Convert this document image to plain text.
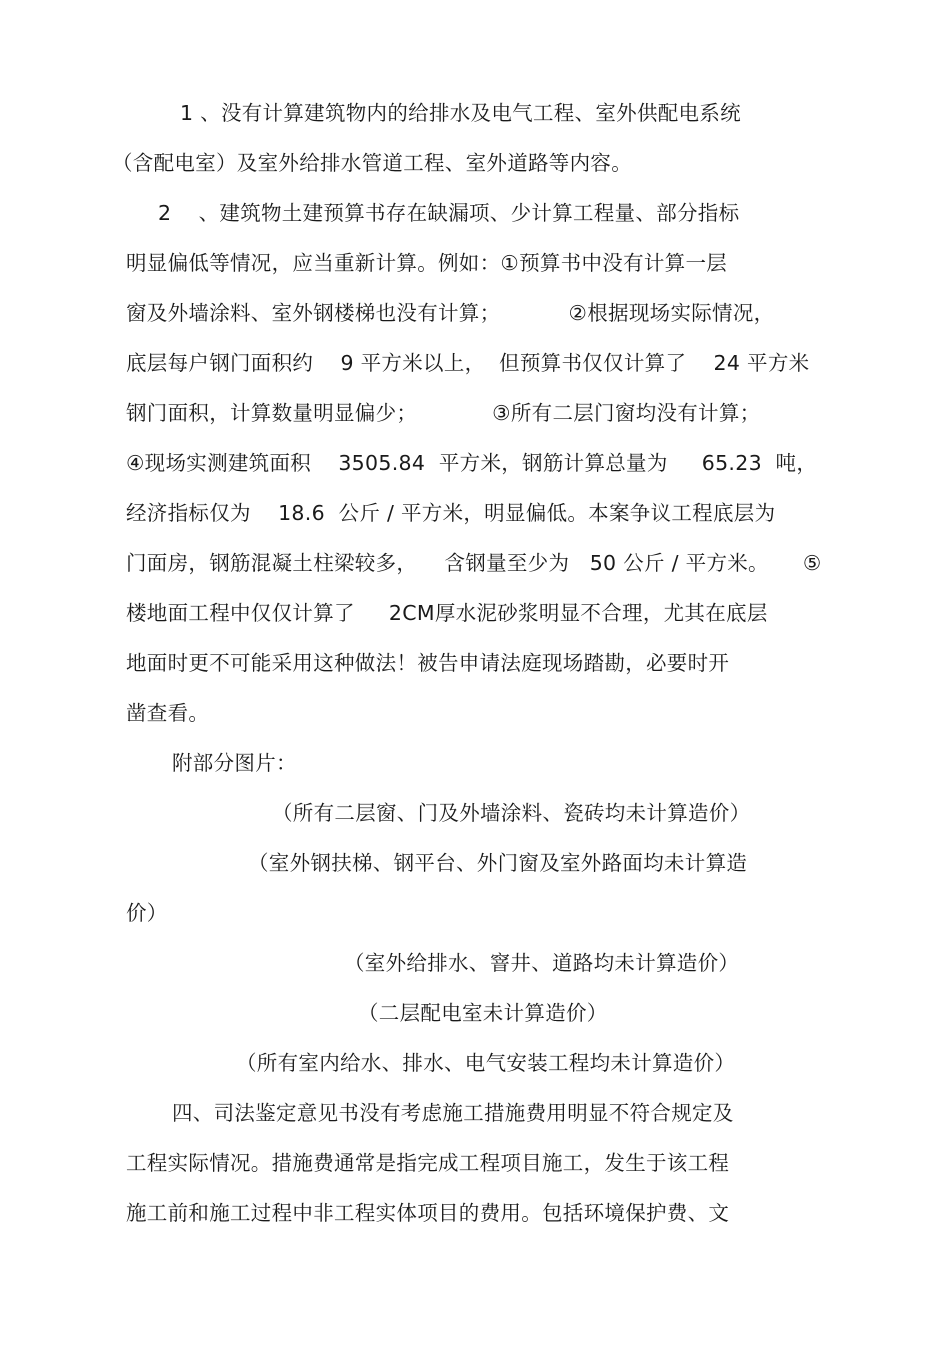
1 、没有计算建筑物内的给排水及电气工程、室外供配电系统
（含配电室）及室外给排水管道工程、室外道路等内容。
2    、建筑物土建预算书存在缺漏项、少计算工程量、部分指标
明显偏低等情况，应当重新计算。例如：①预算书中没有计算一层
窗及外墙涂料、室外钢楼梯也没有计算；          ②根据现场实际情况，
底层每户钢门面积约    9 平方米以上，  但预算书仅仅计算了    24 平方米
钢门面积，计算数量明显偏少；           ③所有二层门窗均没有计算；
④现场实测建筑面积    3505.84  平方米，钢筋计算总量为     65.23  吨，
经济指标仅为    18.6  公斤 / 平方米，明显偏低。本案争议工程底层为
门面房，钢筋混凝土柱梁较多，    含钢量至少为   50 公斤 / 平方米。     ⑤
楼地面工程中仅仅计算了     2CM厚水泥砂浆明显不合理，尤其在底层
地面时更不可能采用这种做法！被告申请法庭现场踏勘，必要时开
凿查看。
附部分图片：
（所有二层窗、门及外墙涂料、瓷砖均未计算造价）
（室外钢扶梯、钢平台、外门窗及室外路面均未计算造
价）
（室外给排水、窨井、道路均未计算造价）
（二层配电室未计算造价）
（所有室内给水、排水、电气安装工程均未计算造价）
四、司法鉴定意见书没有考虑施工措施费用明显不符合规定及
工程实际情况。措施费通常是指完成工程项目施工，发生于该工程
施工前和施工过程中非工程实体项目的费用。包括环境保护费、文
